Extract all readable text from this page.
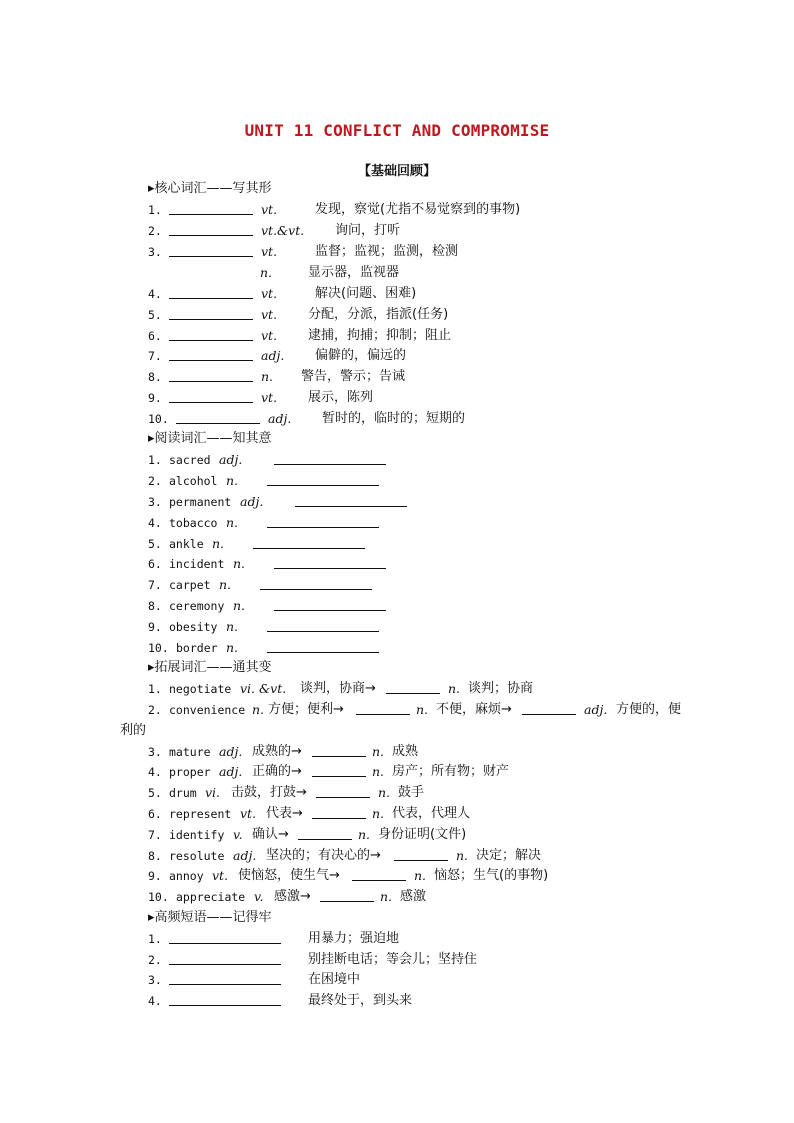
UNIT 11 CONFLICT AND COMPROMISE
【基础回顾】
▸核心词汇——写其形
1.	vt.	发现，察觉(尤指不易觉察到的事物)
2.	vt.&vt. 询问，打听
3.	vt.	监督；监视；监测，检测
n.	显示器，监视器
4.	vt.	解决(问题、困难)
5.	vt. 分配，分派，指派(任务)
6.	vt. 逮捕，拘捕；抑制；阻止
7.	adj. 偏僻的，偏远的
8.	n. 警告，警示；告诫
9.	vt. 展示，陈列
10.	adj. 暂时的，临时的；短期的
▸阅读词汇——知其意
1. sacred adj.
2. alcohol n.
3. permanent adj.
4. tobacco n.
5. ankle n.
6. incident n.
7. carpet n.
8. ceremony n.
9. obesity n.
10. border n.
▸拓展词汇——通其变
1. negotiate vi. &vt. 谈判，协商→	n. 谈判；协商
2. convenience n. 方便；便利→	n. 不便，麻烦→	adj. 方便的，便
利的
3. mature adj. 成熟的→	n. 成熟
4. proper adj. 正确的→	n. 房产；所有物；财产
5. drum vi. 击鼓，打鼓→	n. 鼓手
6. represent vt. 代表→	n. 代表，代理人
7. identify v. 确认→	n. 身份证明(文件)
8. resolute adj. 坚决的；有决心的→	n. 决定；解决
9. annoy vt. 使恼怒，使生气→	n. 恼怒；生气(的事物)
10. appreciate v. 感激→	n. 感激
▸高频短语——记得牢
1.	用暴力；强迫地
2.	别挂断电话；等会儿；坚持住
3.	在困境中
4.	最终处于，到头来
